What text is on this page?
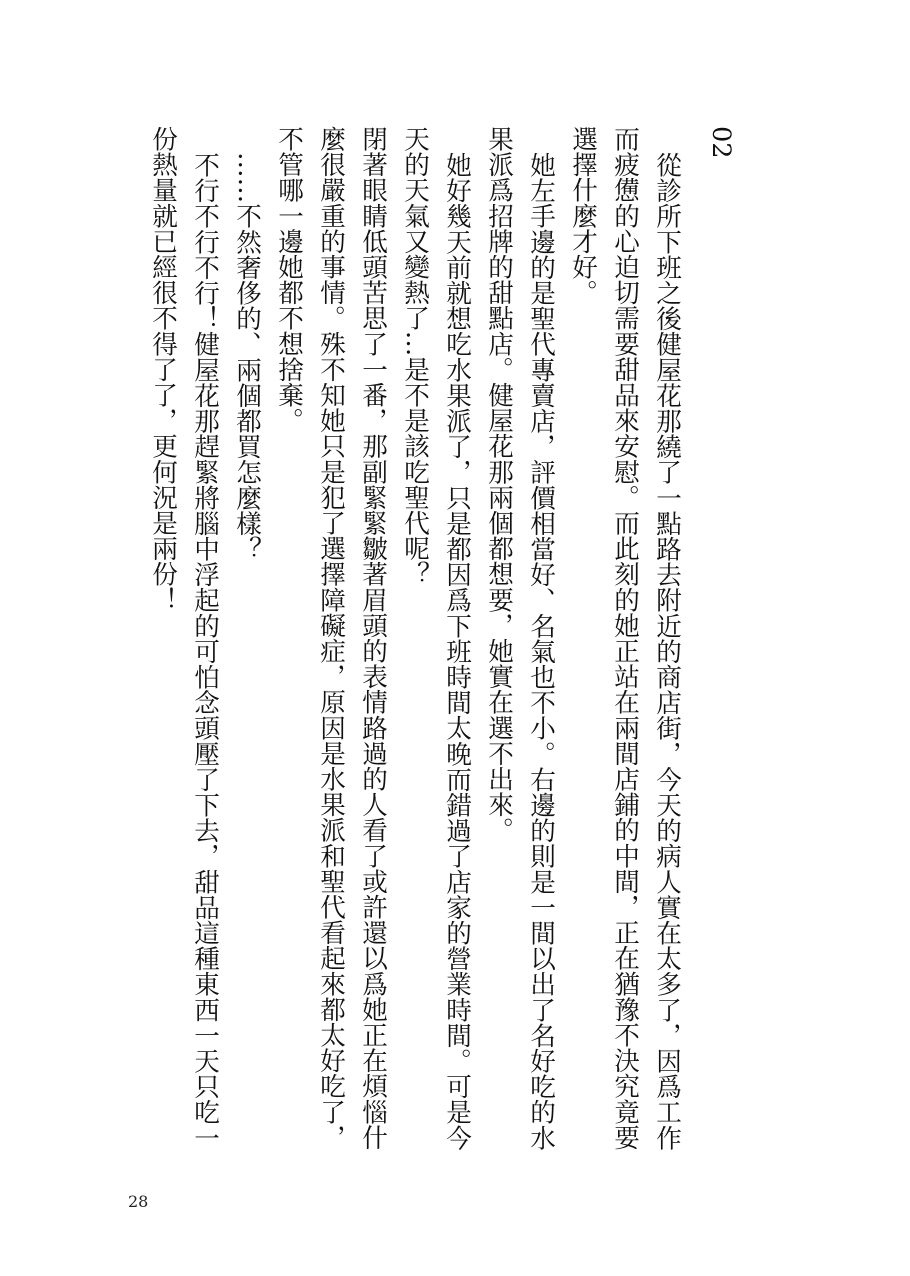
02

從診所下班之後健屋花那繞了一點路去附近的商店街，今天的病人實在太多了，因爲工作而疲憊的心迫切需要甜品來安慰。而此刻的她正站在兩間店鋪的中間，正在猶豫不決究竟要選擇什麼才好。

她左手邊的是聖代專賣店，評價相當好、名氣也不小。右邊的則是一間以出了名好吃的水果派爲招牌的甜點店。健屋花那兩個都想要，她實在選不出來。

她好幾天前就想吃水果派了，只是都因爲下班時間太晚而錯過了店家的營業時間。可是今天的天氣又變熱了…是不是該吃聖代呢？

閉著眼睛低頭苦思了一番，那副緊緊皺著眉頭的表情路過的人看了或許還以爲她正在煩惱什麼很嚴重的事情。殊不知她只是犯了選擇障礙症，原因是水果派和聖代看起來都太好吃了，不管哪一邊她都不想捨棄。

……不然奢侈的、兩個都買怎麼樣？

不行不行不行！健屋花那趕緊將腦中浮起的可怕念頭壓了下去，甜品這種東西一天只吃一份熱量就已經很不得了了，更何況是兩份！

28
